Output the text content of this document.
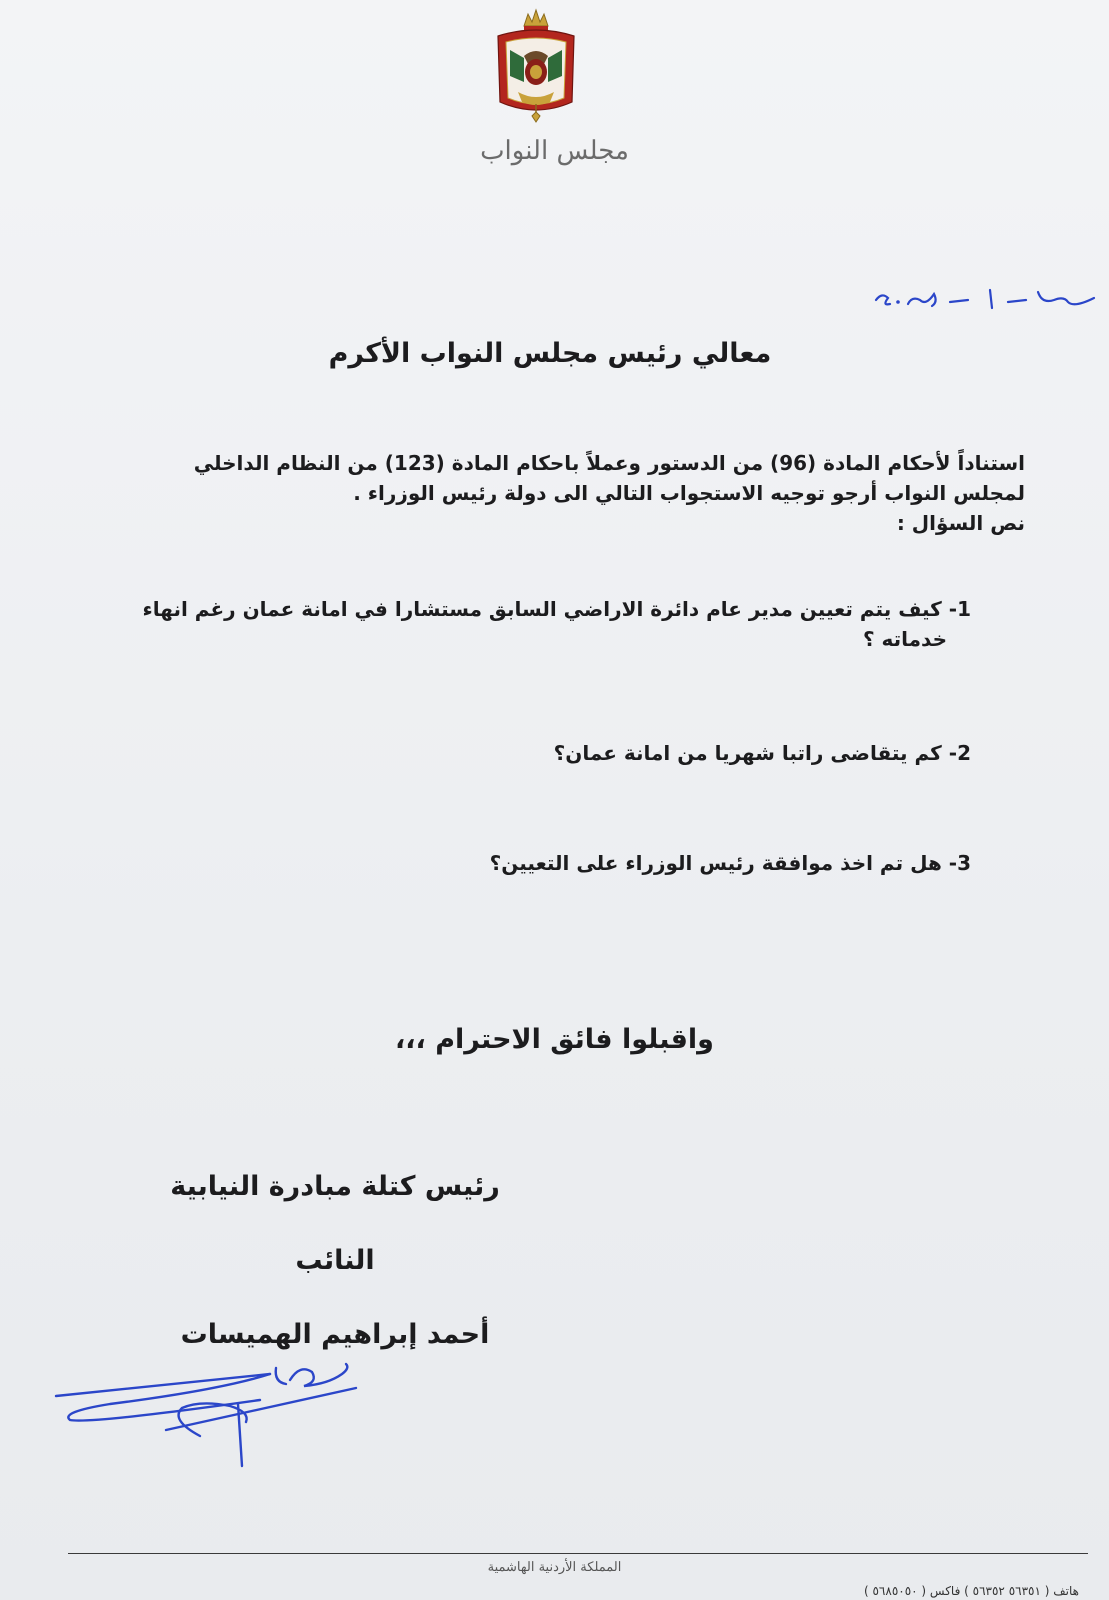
مجلس النواب
معالي رئيس مجلس النواب الأكرم

استناداً لأحكام المادة (96) من الدستور وعملاً باحكام المادة (123) من النظام الداخلي

لمجلس النواب أرجو توجيه الاستجواب التالي الى دولة رئيس الوزراء .

نص السؤال :

1- كيف يتم تعيين مدير عام دائرة الاراضي السابق مستشارا في امانة عمان رغم انهاء

خدماته ؟

2- كم يتقاضى راتبا شهريا من امانة عمان؟

3- هل تم اخذ موافقة رئيس الوزراء على التعيين؟

واقبلوا فائق الاحترام ،،،
رئيس كتلة مبادرة النيابية
النائب
أحمد إبراهيم الهميسات
المملكة الأردنية الهاشمية
هاتف ( ٥٦٣٥١ ٥٦٣٥٢ ) فاكس ( ٥٦٨٥٠٥٠ )
